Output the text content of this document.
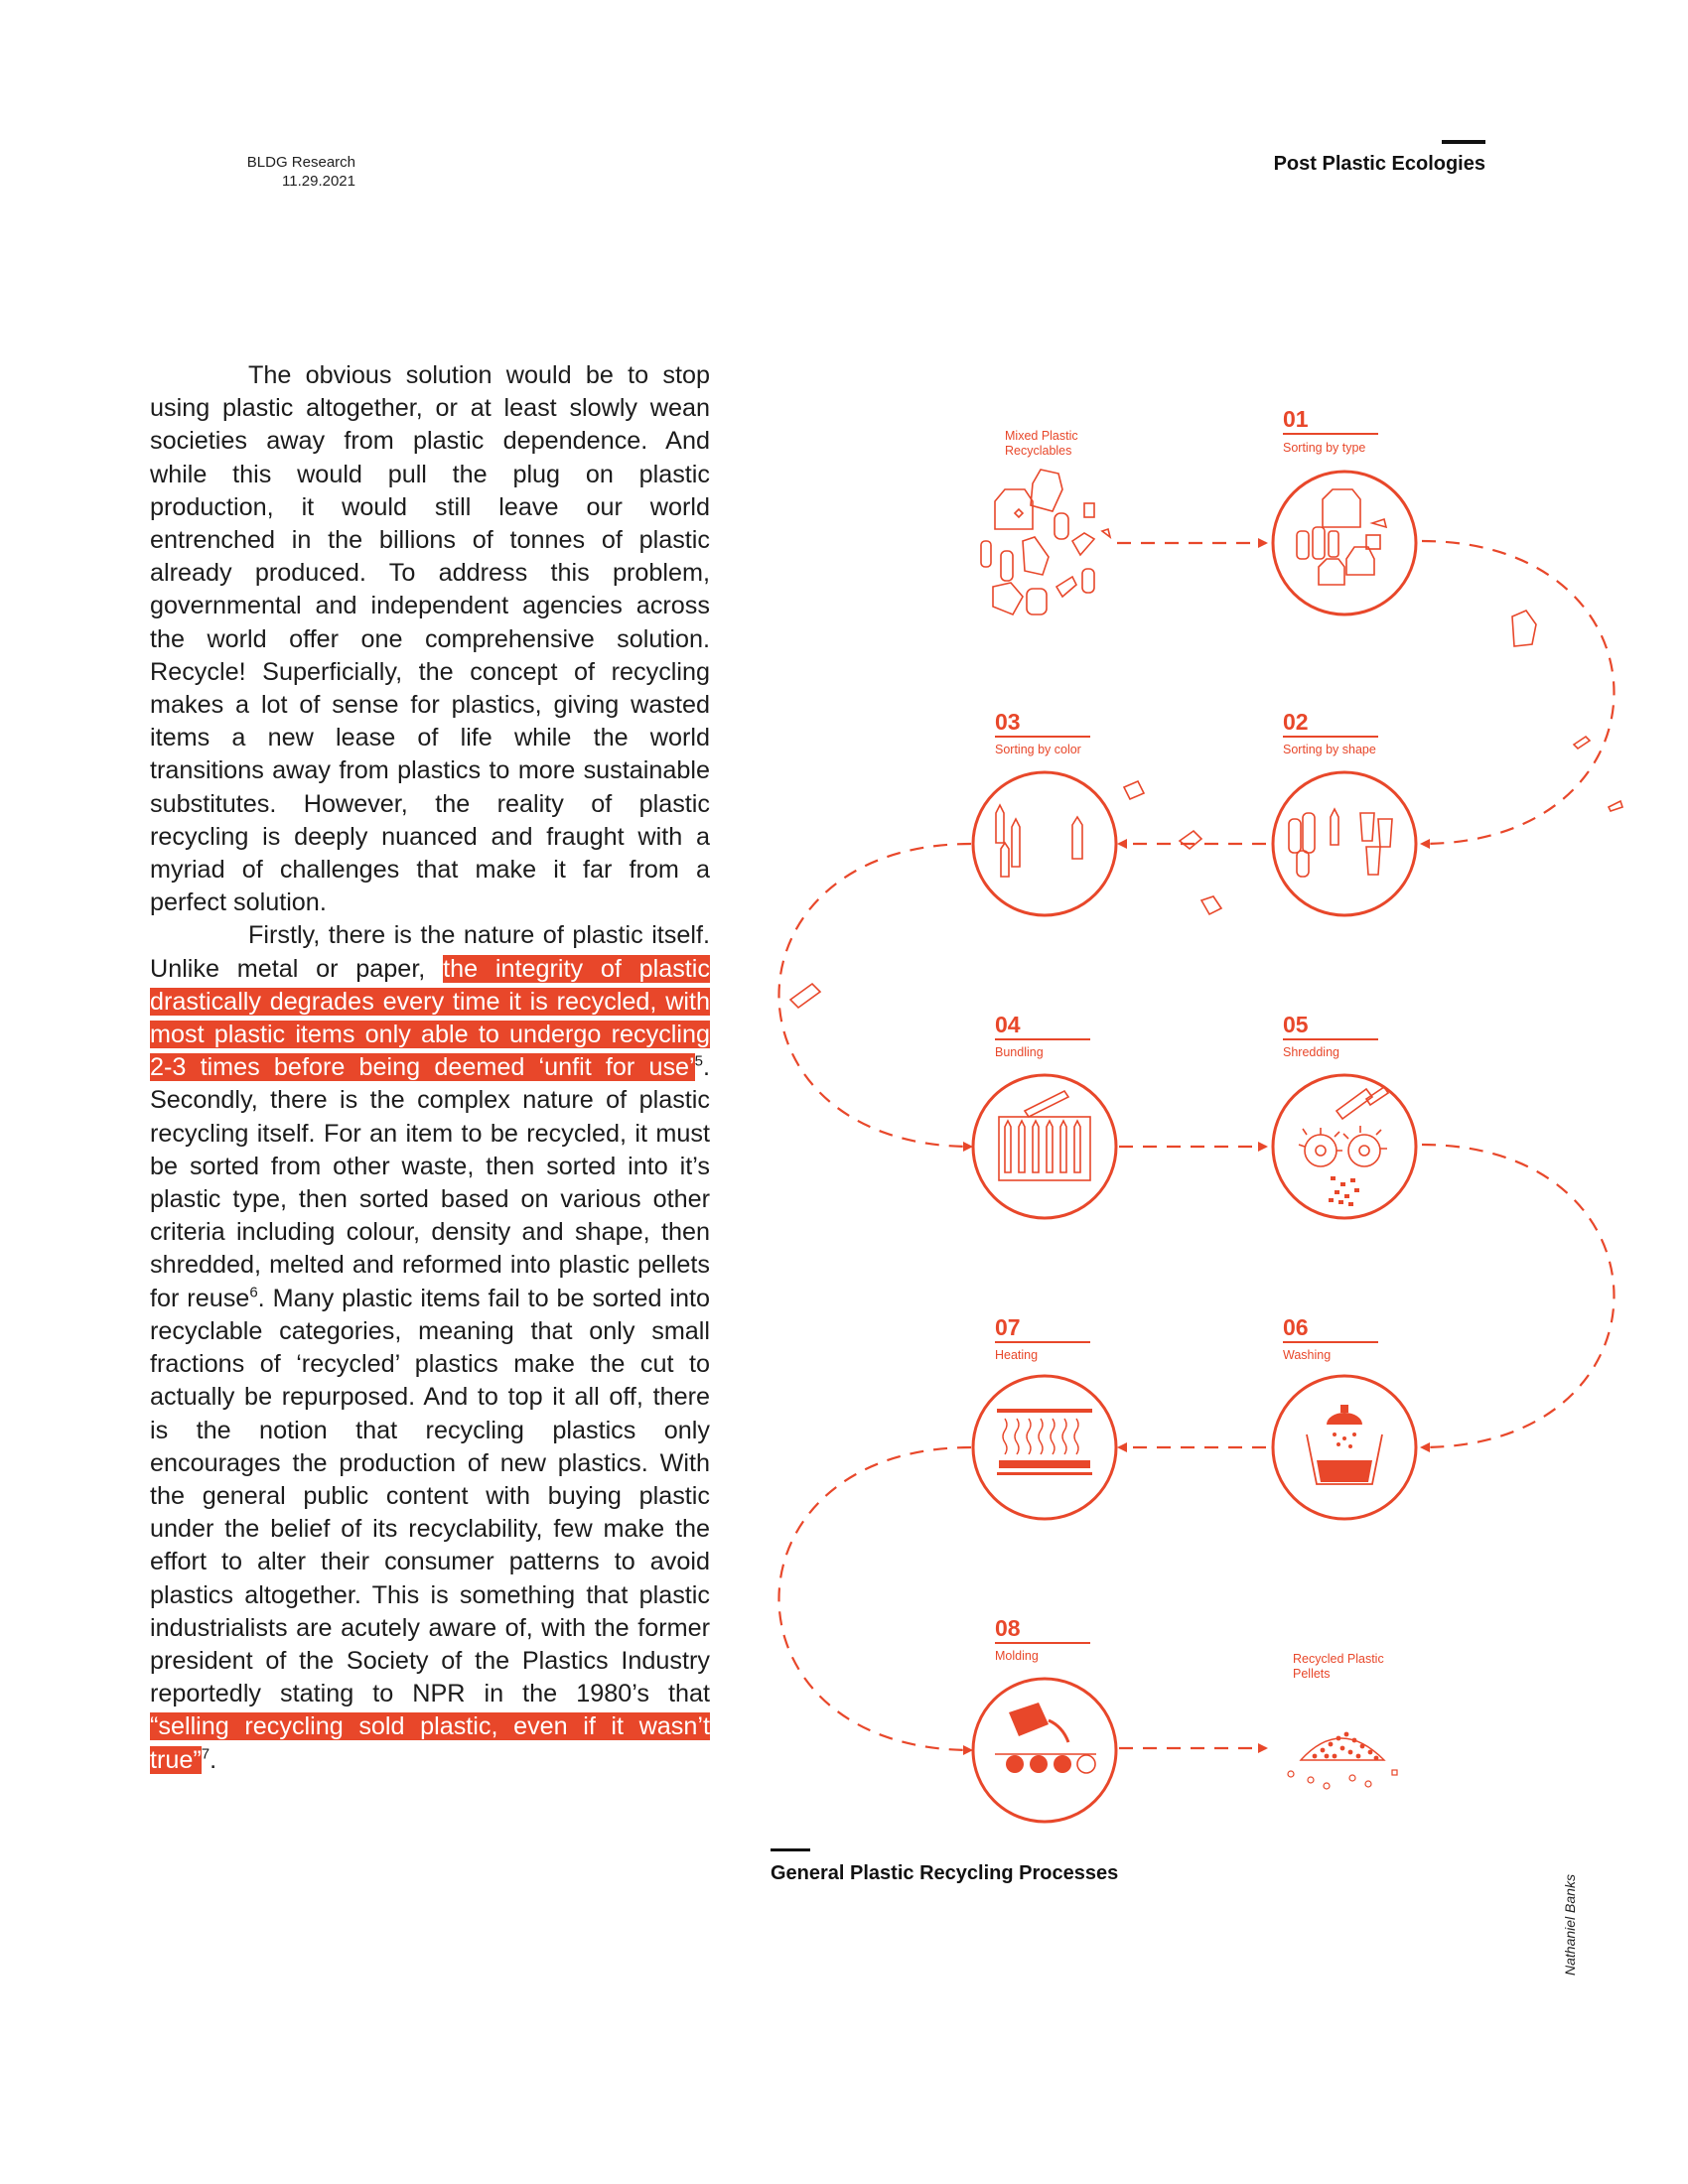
BLDG Research
11.29.2021
Post Plastic Ecologies

The obvious solution would be to stop using plastic altogether, or at least slowly wean societies away from plastic dependence. And while this would pull the plug on plastic production, it would still leave our world entrenched in the billions of tonnes of plastic already produced. To address this problem, governmental and independent agencies across the world offer one comprehensive solution. Recycle! Superficially, the concept of recycling makes a lot of sense for plastics, giving wasted items a new lease of life while the world transitions away from plastics to more sustainable substitutes. However, the reality of plastic recycling is deeply nuanced and fraught with a myriad of challenges that make it far from a perfect solution.

Firstly, there is the nature of plastic itself. Unlike metal or paper, the integrity of plastic drastically degrades every time it is recycled, with most plastic items only able to undergo recycling 2-3 times before being deemed ‘unfit for use’$^5$. Secondly, there is the complex nature of plastic recycling itself. For an item to be recycled, it must be sorted from other waste, then sorted into it’s plastic type, then sorted based on various other criteria including colour, density and shape, then shredded, melted and reformed into plastic pellets for reuse$^6$. Many plastic items fail to be sorted into recyclable categories, meaning that only small fractions of ‘recycled’ plastics make the cut to actually be repurposed. And to top it all off, there is the notion that recycling plastics only encourages the production of new plastics. With the general public content with buying plastic under the belief of its recyclability, few make the effort to alter their consumer patterns to avoid plastics altogether. This is something that plastic industrialists are acutely aware of, with the former president of the Society of the Plastics Industry reportedly stating to NPR in the 1980’s that “selling recycling sold plastic, even if it wasn’t true”$^7$.

Mixed Plastic
Recyclables
01
Sorting by type
02
Sorting by shape
03
Sorting by color
04
Bundling
05
Shredding
06
Washing
07
Heating
08
Molding	Recycled Plastic
Pellets
General Plastic Recycling Processes
Nathaniel Banks
